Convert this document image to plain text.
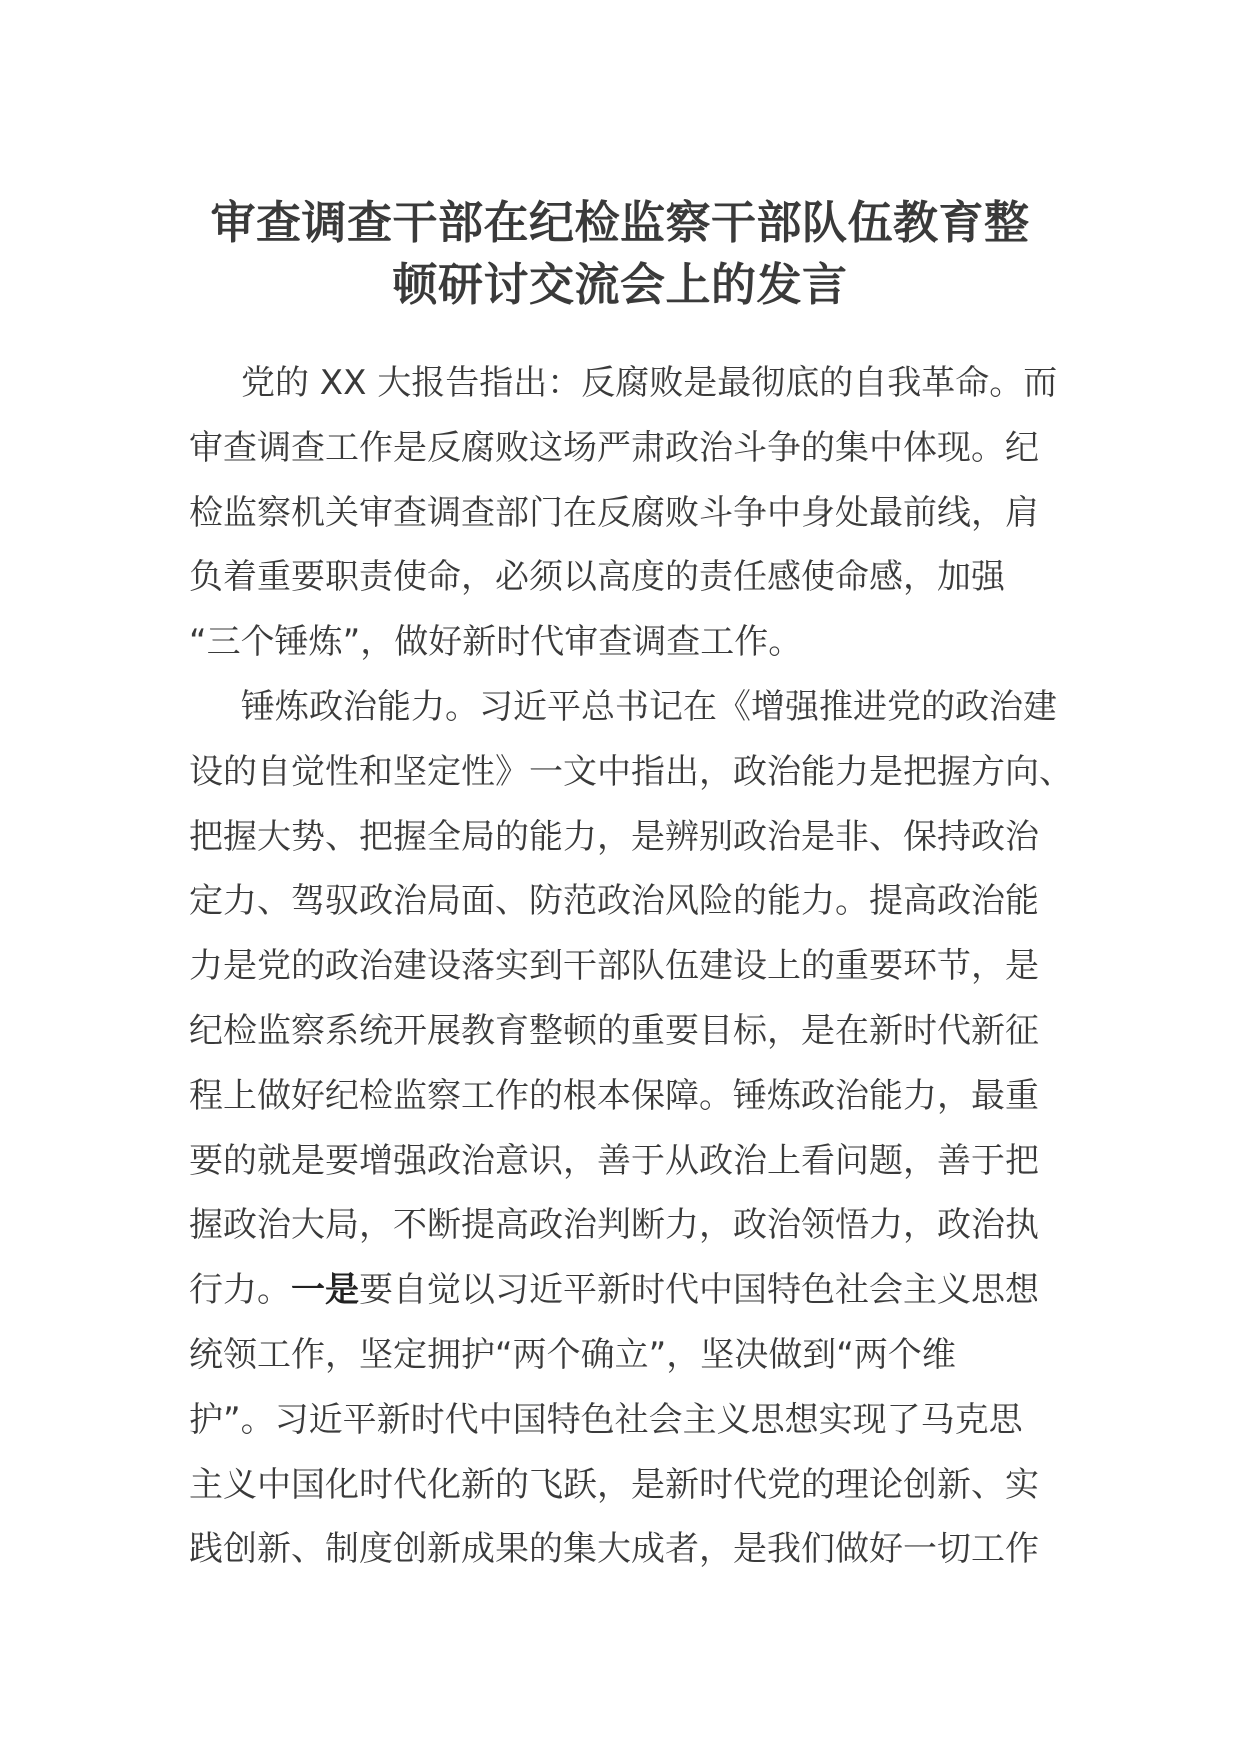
审查调查干部在纪检监察干部队伍教育整
顿研讨交流会上的发言
党的 XX 大报告指出：反腐败是最彻底的自我革命。而
审查调查工作是反腐败这场严肃政治斗争的集中体现。纪
检监察机关审查调查部门在反腐败斗争中身处最前线，肩
负着重要职责使命，必须以高度的责任感使命感，加强
“三个锤炼”，做好新时代审查调查工作。
锤炼政治能力。习近平总书记在《增强推进党的政治建
设的自觉性和坚定性》一文中指出，政治能力是把握方向、
把握大势、把握全局的能力，是辨别政治是非、保持政治
定力、驾驭政治局面、防范政治风险的能力。提高政治能
力是党的政治建设落实到干部队伍建设上的重要环节，是
纪检监察系统开展教育整顿的重要目标，是在新时代新征
程上做好纪检监察工作的根本保障。锤炼政治能力，最重
要的就是要增强政治意识，善于从政治上看问题，善于把
握政治大局，不断提高政治判断力，政治领悟力，政治执
行力。一是要自觉以习近平新时代中国特色社会主义思想
统领工作，坚定拥护“两个确立”，坚决做到“两个维
护”。习近平新时代中国特色社会主义思想实现了马克思
主义中国化时代化新的飞跃，是新时代党的理论创新、实
践创新、制度创新成果的集大成者，是我们做好一切工作
